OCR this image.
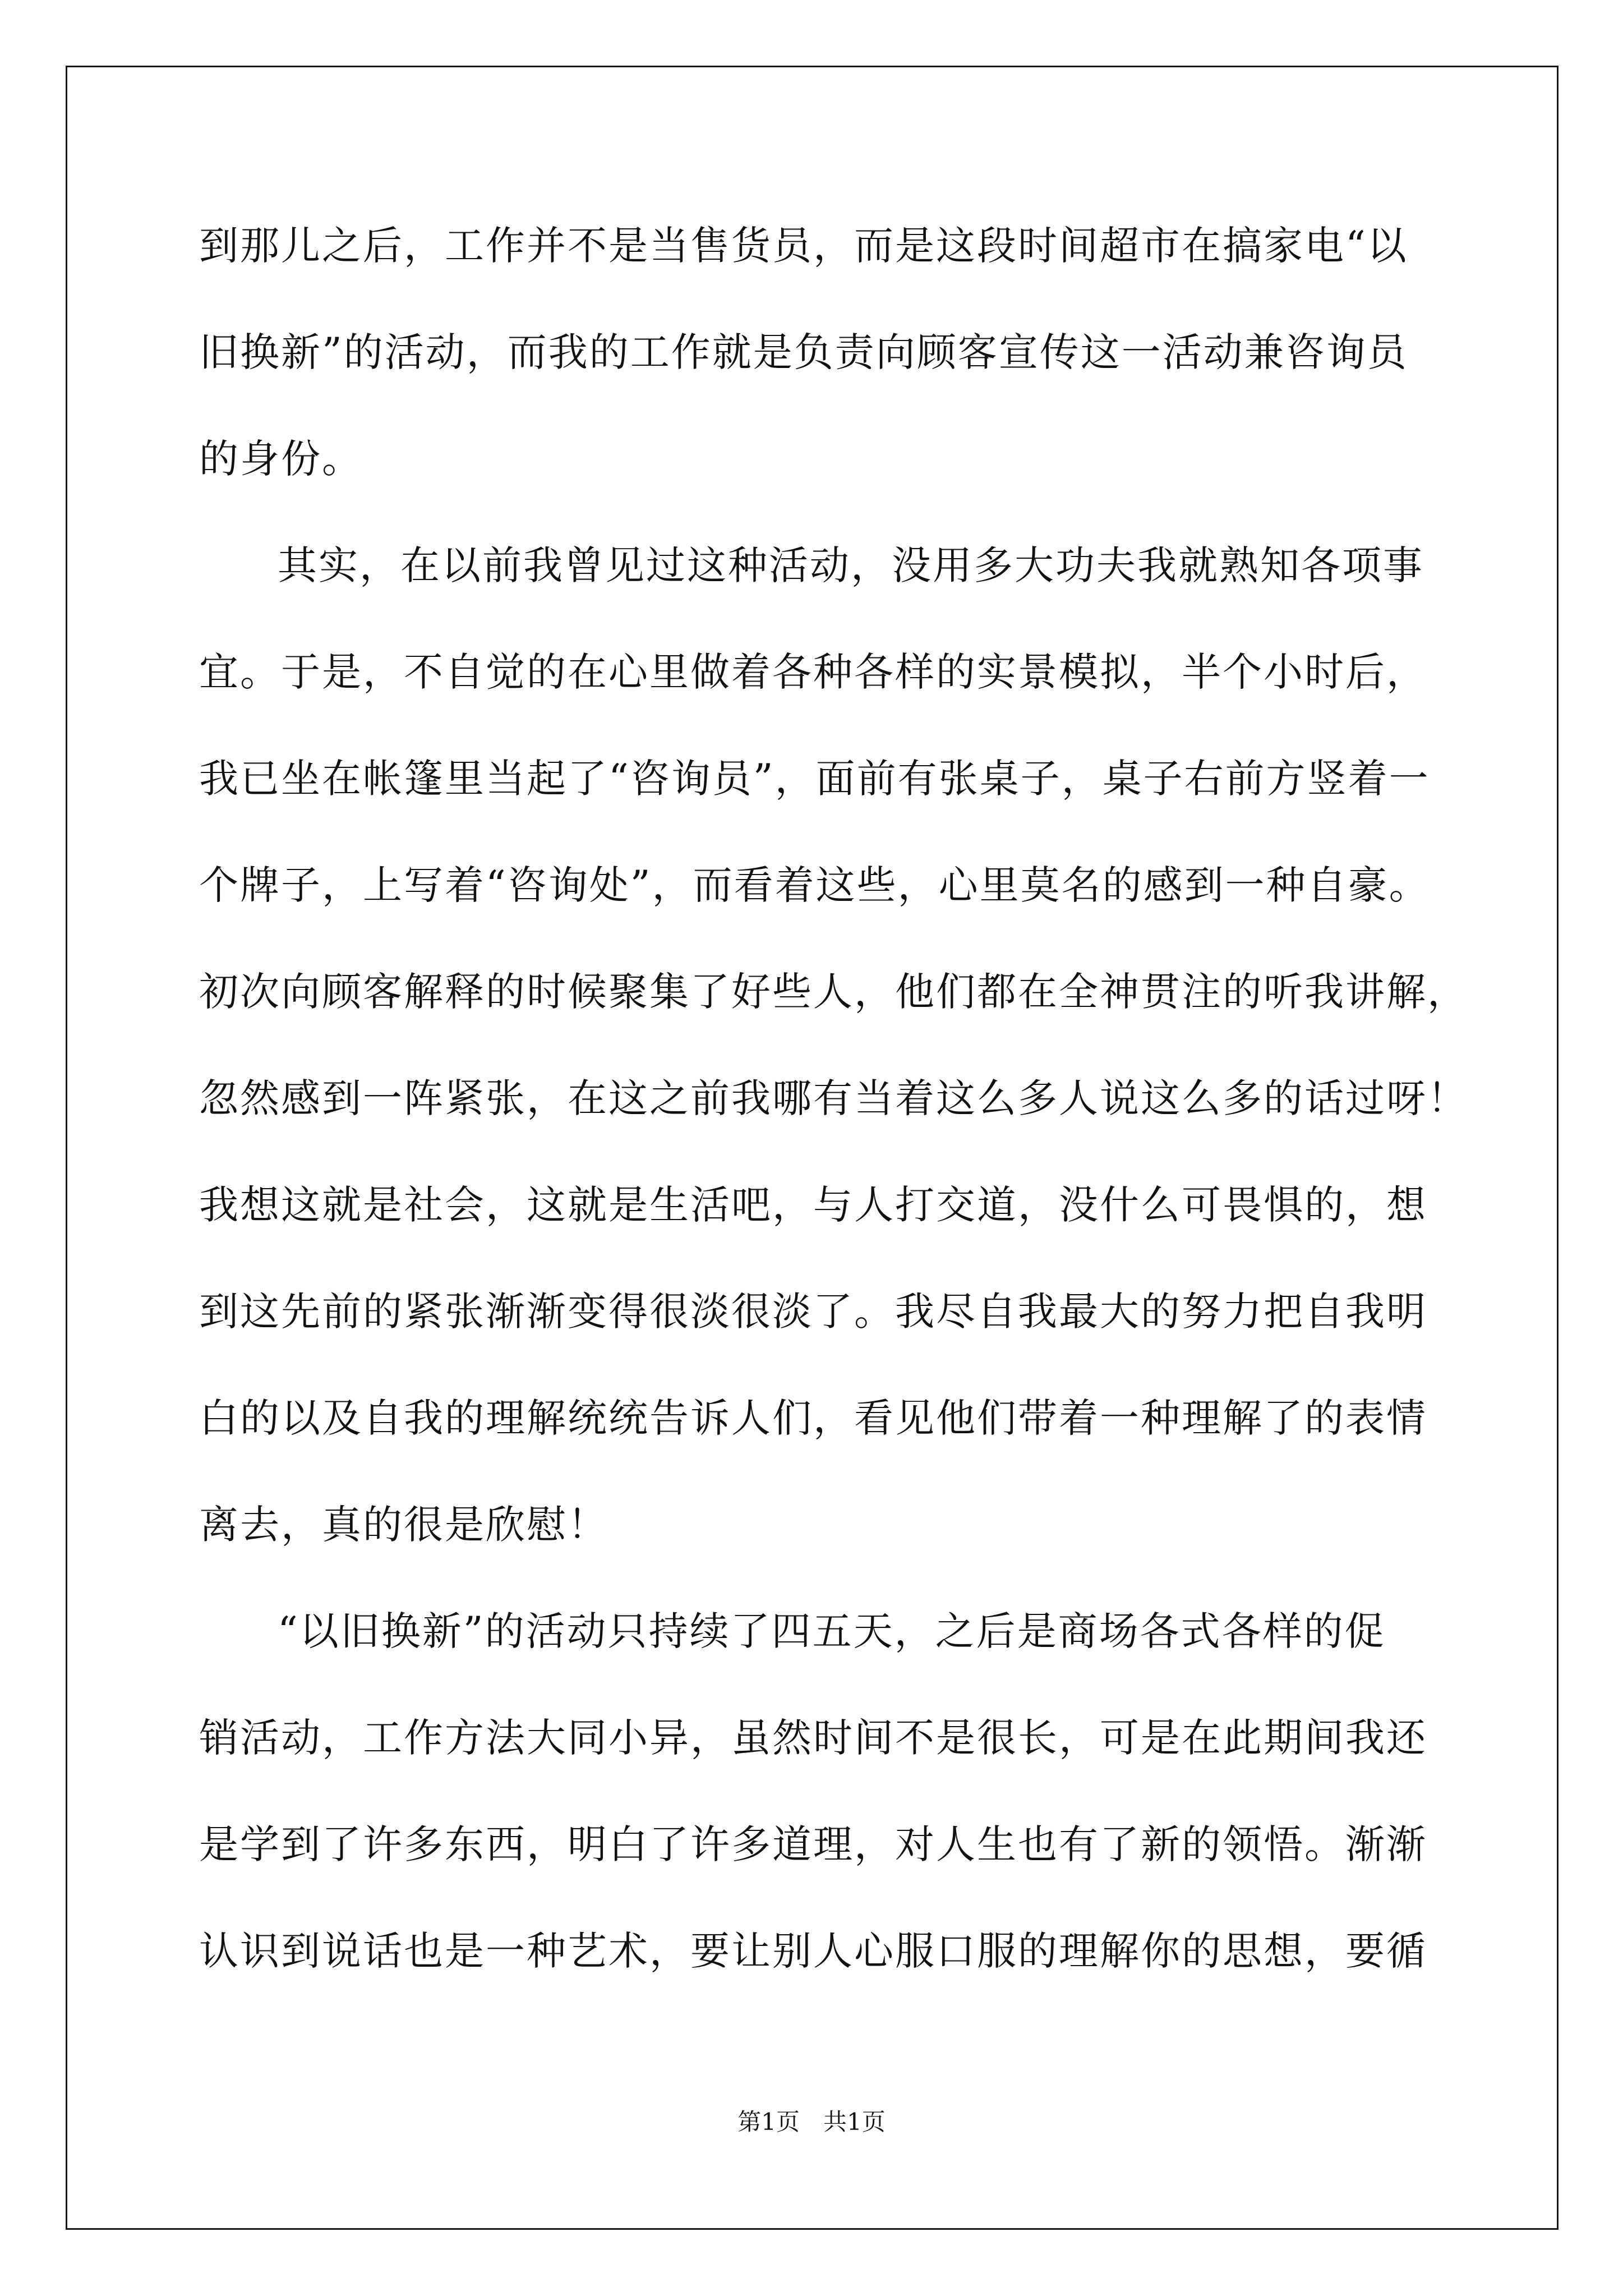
到那儿之后，工作并不是当售货员，而是这段时间超市在搞家电“以
旧换新”的活动，而我的工作就是负责向顾客宣传这一活动兼咨询员
的身份。
其实，在以前我曾见过这种活动，没用多大功夫我就熟知各项事
宜。于是，不自觉的在心里做着各种各样的实景模拟，半个小时后，
我已坐在帐篷里当起了“咨询员”，面前有张桌子，桌子右前方竖着一
个牌子，上写着“咨询处”，而看着这些，心里莫名的感到一种自豪。
初次向顾客解释的时候聚集了好些人，他们都在全神贯注的听我讲解，
忽然感到一阵紧张，在这之前我哪有当着这么多人说这么多的话过呀！
我想这就是社会，这就是生活吧，与人打交道，没什么可畏惧的，想
到这先前的紧张渐渐变得很淡很淡了。我尽自我最大的努力把自我明
白的以及自我的理解统统告诉人们，看见他们带着一种理解了的表情
离去，真的很是欣慰！
“以旧换新”的活动只持续了四五天，之后是商场各式各样的促
销活动，工作方法大同小异，虽然时间不是很长，可是在此期间我还
是学到了许多东西，明白了许多道理，对人生也有了新的领悟。渐渐
认识到说话也是一种艺术，要让别人心服口服的理解你的思想，要循
第1页　共1页
